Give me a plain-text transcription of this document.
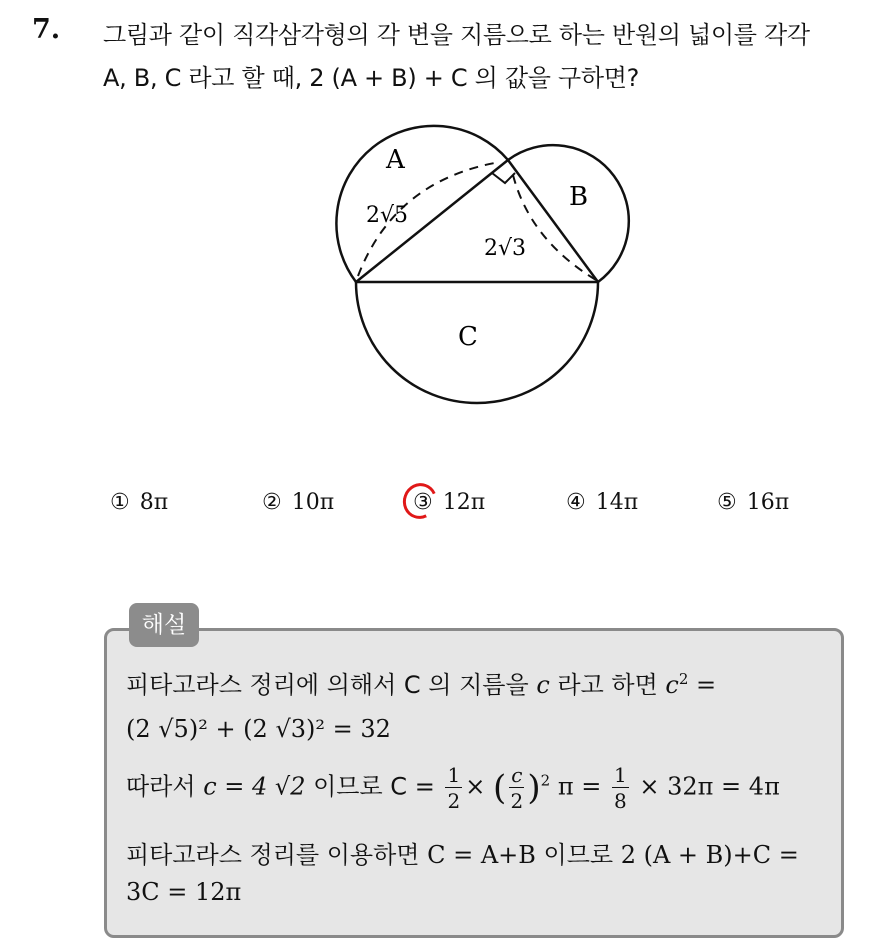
7. 그림과 같이 직각삼각형의 각 변을 지름으로 하는 반원의 넓이를 각각
A, B, C 라고 할 때, 2 (A + B) + C 의 값을 구하면?
A
B
C
2√5
2√3
① 8π	② 10π	③ 12π	④ 14π	⑤ 16π
해설
피타고라스 정리에 의해서 C 의 지름을 c 라고 하면 $c^2$ =
(2 √5)² + (2 √3)² = 32
따라서 c = 4 √2 이므로 $C = \frac{1}{2}$ × ( $\frac{c}{2} )^2$ $\pi = \frac{1}{8} \times 32\pi = 4\pi$
피타고라스 정리를 이용하면 C = A+B 이므로 2 (A + B)+C =
3C = 12π
